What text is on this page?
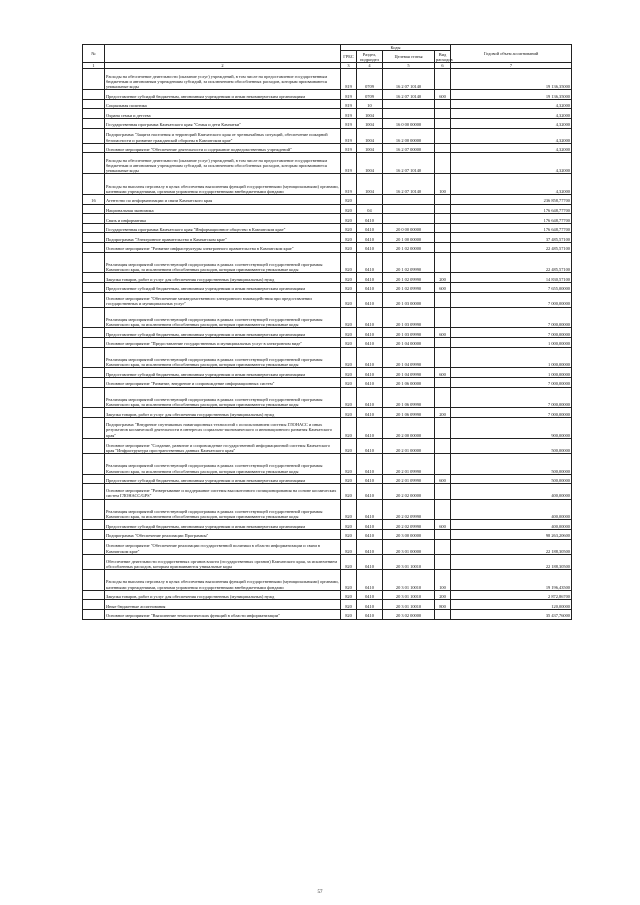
№		Коды				Годовой объем ассигнований
		ГРБС	Раздел, подраздел	Целевая статья	Вид расходов	
1	2	3	4	5	6	7
	Расходы на обеспечение деятельности (оказание услуг) учреждений, в том числе на предоставление государственным бюджетным и автономным учреждениям субсидий, за исключением обособленных расходов, которым присваиваются уникальные коды	819	0709	16 2 07 10140		19 136,35000
	Предоставление субсидий бюджетным, автономным учреждениям и иным некоммерческим организациям	819	0709	16 2 07 10140	600	19 136,35000
	Социальная политика	819	10			4,32000
	Охрана семьи и детства	819	1004			4,32000
	Государственная программа Камчатского края "Семья и дети Камчатки"	819	1004	16 0 00 00000		4,32000
	Подпрограмма "Защита населения и территорий Камчатского края от чрезвычайных ситуаций, обеспечение пожарной безопасности и развитие гражданской обороны в Камчатском крае"	819	1004	16 2 00 00000		4,32000
	Основное мероприятие "Обеспечение деятельности и содержание подведомственных учреждений"	819	1004	16 2 07 00000		4,32000
	Расходы на обеспечение деятельности (оказание услуг) учреждений, в том числе на предоставление государственным бюджетным и автономным учреждениям субсидий, за исключением обособленных расходов, которым присваиваются уникальные коды	819	1004	16 2 07 10140		4,32000
	Расходы на выплаты персоналу в целях обеспечения выполнения функций государственными (муниципальными) органами, казенными учреждениями, органами управления государственными внебюджетными фондами	819	1004	16 2 07 10140	100	4,32000
16	Агентство по информатизации и связи Камчатского края	820				236 858,77700
	Национальная экономика	820	04			176 648,77700
	Связь и информатика	820	0410			176 648,77700
	Государственная программа Камчатского края "Информационное общество в Камчатском крае"	820	0410	20 0 00 00000		176 648,77700
	Подпрограмма "Электронное правительство в Камчатском крае"	820	0410	20 1 00 00000		37 485,57100
	Основное мероприятие "Развитие инфраструктуры электронного правительства в Камчатском крае"	820	0410	20 1 02 00000		22 485,57100
	Реализация мероприятий соответствующей подпрограммы в рамках соответствующей государственной программы Камчатского края, за исключением обособленных расходов, которым присваиваются уникальные коды	820	0410	20 1 02 09990		22 485,57100
	Закупка товаров, работ и услуг для обеспечения государственных (муниципальных) нужд	820	0410	20 1 02 09990	200	14 830,57100
	Предоставление субсидий бюджетным, автономным учреждениям и иным некоммерческим организациям	820	0410	20 1 02 09990	600	7 655,00000
	Основное мероприятие "Обеспечение межведомственного электронного взаимодействия при предоставлении государственных и муниципальных услуг"	820	0410	20 1 03 00000		7 000,00000
	Реализация мероприятий соответствующей подпрограммы в рамках соответствующей государственной программы Камчатского края, за исключением обособленных расходов, которым присваиваются уникальные коды	820	0410	20 1 03 09990		7 000,00000
	Предоставление субсидий бюджетным, автономным учреждениям и иным некоммерческим организациям	820	0410	20 1 03 09990	600	7 000,00000
	Основное мероприятие "Предоставление государственных и муниципальных услуг в электронном виде"	820	0410	20 1 04 00000		1 000,00000
	Реализация мероприятий соответствующей подпрограммы в рамках соответствующей государственной программы Камчатского края, за исключением обособленных расходов, которым присваиваются уникальные коды	820	0410	20 1 04 09990		1 000,00000
	Предоставление субсидий бюджетным, автономным учреждениям и иным некоммерческим организациям	820	0410	20 1 04 09990	600	1 000,00000
	Основное мероприятие "Развитие, внедрение и сопровождение информационных систем"	820	0410	20 1 06 00000		7 000,00000
	Реализация мероприятий соответствующей подпрограммы в рамках соответствующей государственной программы Камчатского края, за исключением обособленных расходов, которым присваиваются уникальные коды	820	0410	20 1 06 09990		7 000,00000
	Закупка товаров, работ и услуг для обеспечения государственных (муниципальных) нужд	820	0410	20 1 06 09990	200	7 000,00000
	Подпрограмма "Внедрение спутниковых навигационных технологий с использованием системы ГЛОНАСС и иных результатов космической деятельности в интересах социально-экономического и инновационного развития Камчатского края"	820	0410	20 2 00 00000		900,00000
	Основное мероприятие "Создание, развитие и сопровождение государственной информационной системы Камчатского края "Инфраструктура пространственных данных Камчатского края"	820	0410	20 2 01 00000		500,00000
	Реализация мероприятий соответствующей подпрограммы в рамках соответствующей государственной программы Камчатского края, за исключением обособленных расходов, которым присваиваются уникальные коды	820	0410	20 2 01 09990		500,00000
	Предоставление субсидий бюджетным, автономным учреждениям и иным некоммерческим организациям	820	0410	20 2 01 09990	600	500,00000
	Основное мероприятие "Развертывание и поддержание системы высокоточного позиционирования на основе космических систем ГЛОНАСС/GPS"	820	0410	20 2 02 00000		400,00000
	Реализация мероприятий соответствующей подпрограммы в рамках соответствующей государственной программы Камчатского края, за исключением обособленных расходов, которым присваиваются уникальные коды	820	0410	20 2 02 09990		400,00000
	Предоставление субсидий бюджетным, автономным учреждениям и иным некоммерческим организациям	820	0410	20 2 02 09990	600	400,00000
	Подпрограмма "Обеспечение реализации Программы"	820	0410	20 3 00 00000		98 263,20600
	Основное мероприятие "Обеспечение реализации государственной политики в области информатизации и связи в Камчатском крае"	820	0410	20 3 01 00000		22 188,30500
	Обеспечение деятельности государственных органов власти (государственных органов) Камчатского края, за исключением обособленных расходов, которым присваиваются уникальные коды	820	0410	20 3 01 10010		22 188,30500
	Расходы на выплаты персоналу в целях обеспечения выполнения функций государственными (муниципальными) органами, казенными учреждениями, органами управления государственными внебюджетными фондами	820	0410	20 3 01 10010	100	19 196,43500
	Закупка товаров, работ и услуг для обеспечения государственных (муниципальных) нужд	820	0410	20 3 01 10010	200	2 872,86700
	Иные бюджетные ассигнования	820	0410	20 3 01 10010	800	120,00000
	Основное мероприятие "Выполнение технологических функций в области информатизации"	820	0410	20 3 02 00000		35 437,76000
57
